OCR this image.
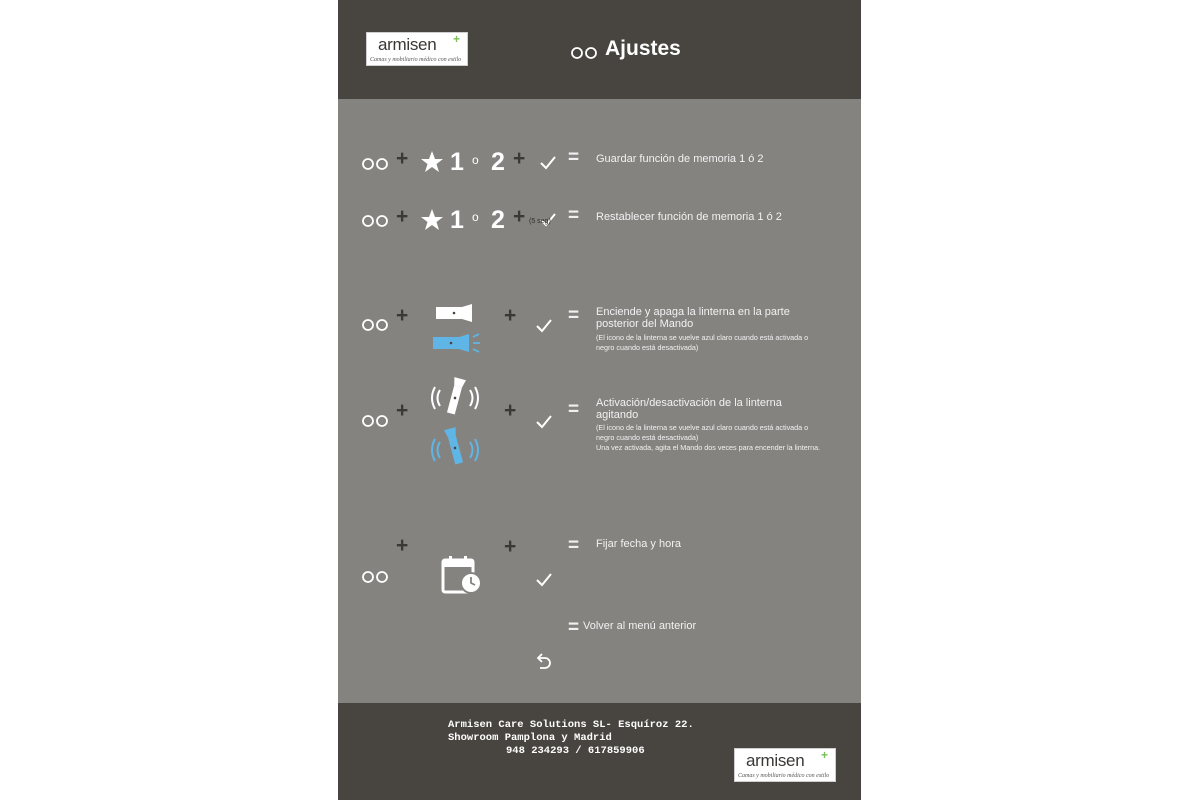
armisen +
Camas y mobiliario médico con estilo	Ajustes
+ 1 o 2 + = Guardar función de memoria 1 ó 2
+ 1 o 2 + (5 seg) = Restablecer función de memoria 1 ó 2
+	+	= Enciende y apaga la linterna en la parte
posterior del Mando
(El icono de la linterna se vuelve azul claro cuando está activada o
negro cuando está desactivada)
+	+	= Activación/desactivación de la linterna
agitando
(El icono de la linterna se vuelve azul claro cuando está activada o
negro cuando está desactivada)
Una vez activada, agita el Mando dos veces para encender la linterna.
+	+	= Fijar fecha y hora
= Volver al menú anterior
Armisen Care Solutions SL- Esquíroz 22.
Showroom Pamplona y Madrid
948 234293 / 617859906	armisen +
Camas y mobiliario médico con estilo
